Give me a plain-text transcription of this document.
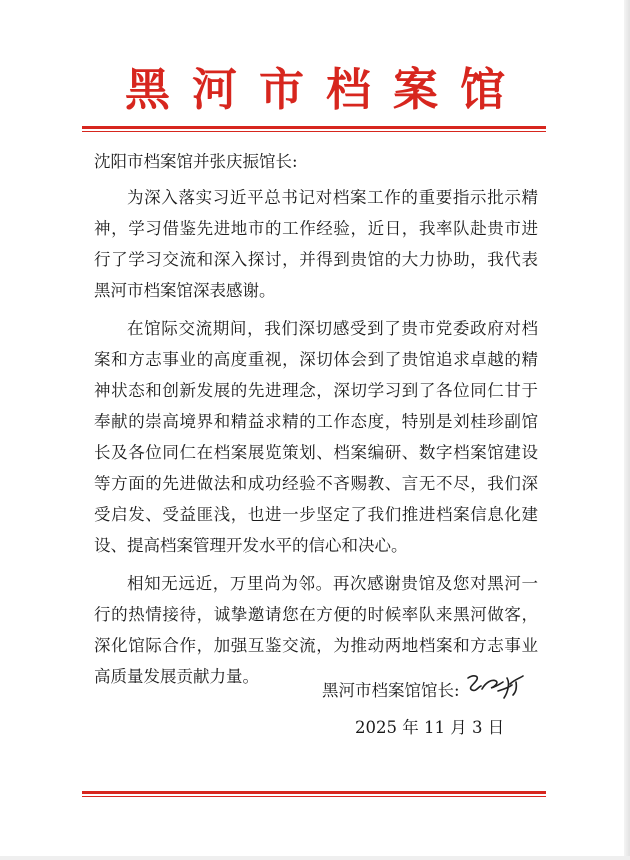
黑河市档案馆
沈阳市档案馆并张庆振馆长:

为深入落实习近平总书记对档案工作的重要指示批示精神，学习借鉴先进地市的工作经验，近日，我率队赴贵市进行了学习交流和深入探讨，并得到贵馆的大力协助，我代表黑河市档案馆深表感谢。

在馆际交流期间，我们深切感受到了贵市党委政府对档案和方志事业的高度重视，深切体会到了贵馆追求卓越的精神状态和创新发展的先进理念，深切学习到了各位同仁甘于奉献的崇高境界和精益求精的工作态度，特别是刘桂珍副馆长及各位同仁在档案展览策划、档案编研、数字档案馆建设等方面的先进做法和成功经验不吝赐教、言无不尽，我们深受启发、受益匪浅，也进一步坚定了我们推进档案信息化建设、提高档案管理开发水平的信心和决心。

相知无远近，万里尚为邻。再次感谢贵馆及您对黑河一行的热情接待，诚挚邀请您在方便的时候率队来黑河做客，深化馆际合作，加强互鉴交流，为推动两地档案和方志事业高质量发展贡献力量。

黑河市档案馆馆长:
2025 年 11 月 3 日
